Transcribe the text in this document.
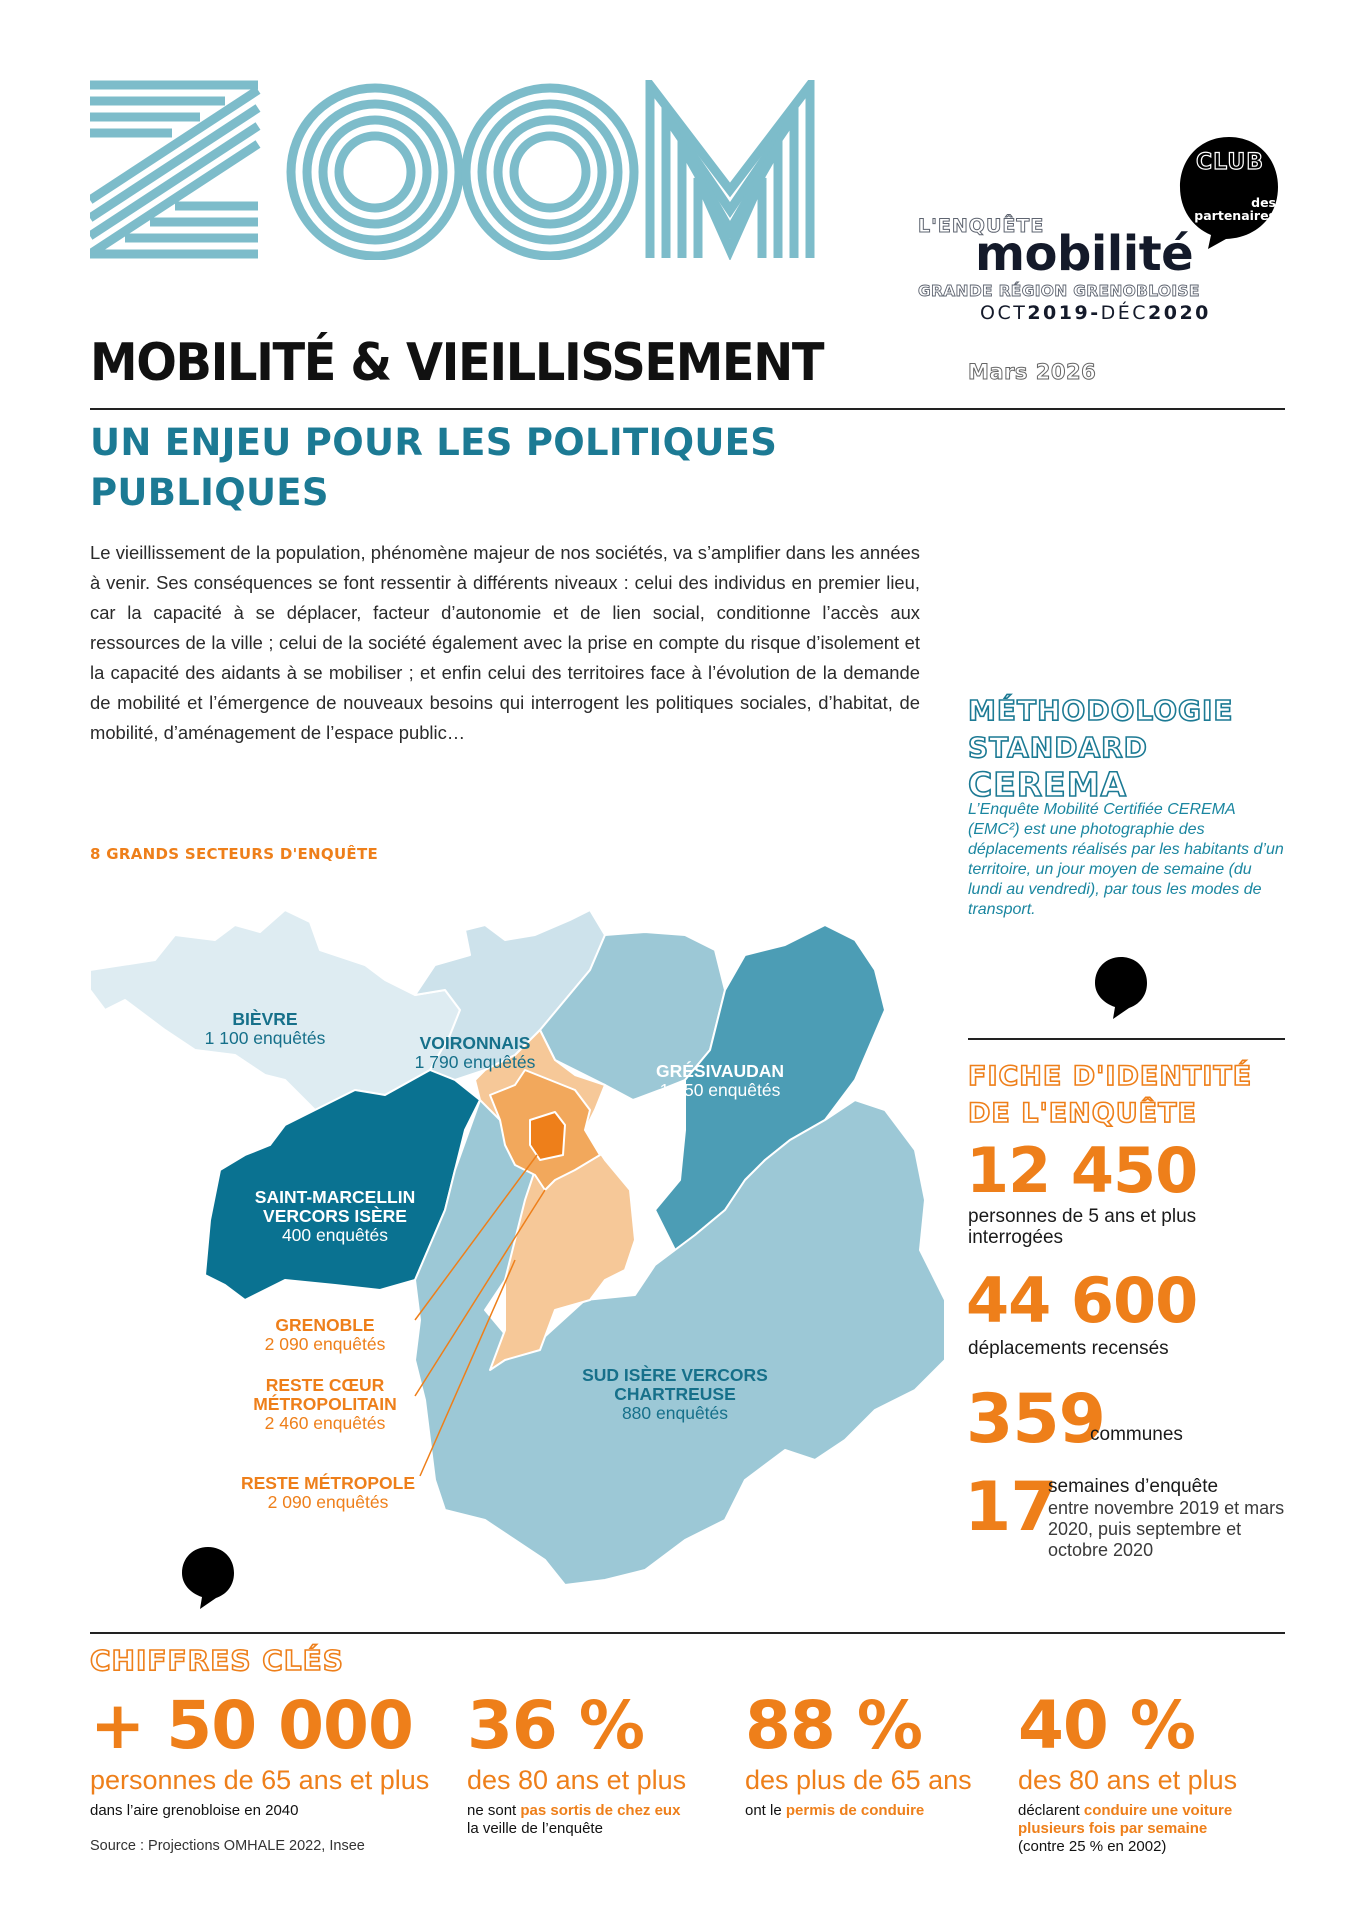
CLUB
des
partenaires
L'ENQUÊTE
mobilité
GRANDE RÉGION GRENOBLOISE
OCT2019-DÉC2020
MOBILITÉ & VIEILLISSEMENT	Mars 2026
UN ENJEU POUR LES POLITIQUES PUBLIQUES

Le vieillissement de la population, phénomène majeur de nos sociétés, va s’amplifier dans les années à venir. Ses conséquences se font ressentir à différents niveaux : celui des individus en premier lieu, car la capacité à se déplacer, facteur d’autonomie et de lien social, conditionne l’accès aux ressources de la ville ; celui de la société également avec la prise en compte du risque d’isolement et la capacité des aidants à se mobiliser ; et enfin celui des territoires face à l’évolution de la demande de mobilité et l’émergence de nouveaux besoins qui interrogent les politiques sociales, d’habitat, de mobilité, d’aménagement de l’espace public…

MÉTHODOLOGIE
STANDARD
CEREMA

L’Enquête Mobilité Certifiée CEREMA (EMC²) est une photographie des déplacements réalisés par les habitants d’un territoire, un jour moyen de semaine (du lundi au vendredi), par tous les modes de transport.

FICHE D'IDENTITÉ
DE L'ENQUÊTE
12 450
personnes de 5 ans et plus interrogées
44 600
déplacements recensés
359
communes
17
semaines d’enquête
entre novembre 2019 et mars 2020, puis septembre et octobre 2020
8 GRANDS SECTEURS D'ENQUÊTE
BIÈVRE
1 100 enquêtés	VOIRONNAIS
1 790 enquêtés	GRÉSIVAUDAN
1 650 enquêtés
SAINT-MARCELLIN
VERCORS ISÈRE
400 enquêtés
GRENOBLE
2 090 enquêtés
RESTE CŒUR
MÉTROPOLITAIN
2 460 enquêtés
RESTE MÉTROPOLE
2 090 enquêtés
SUD ISÈRE VERCORS
CHARTREUSE
880 enquêtés
CHIFFRES CLÉS
+ 50 000
personnes de 65 ans et plus
dans l’aire grenobloise en 2040
36 %
des 80 ans et plus
ne sont pas sortis de chez eux
la veille de l’enquête
88 %
des plus de 65 ans
ont le permis de conduire
40 %
des 80 ans et plus
déclarent conduire une voiture plusieurs fois par semaine
(contre 25 % en 2002)
Source : Projections OMHALE 2022, Insee
